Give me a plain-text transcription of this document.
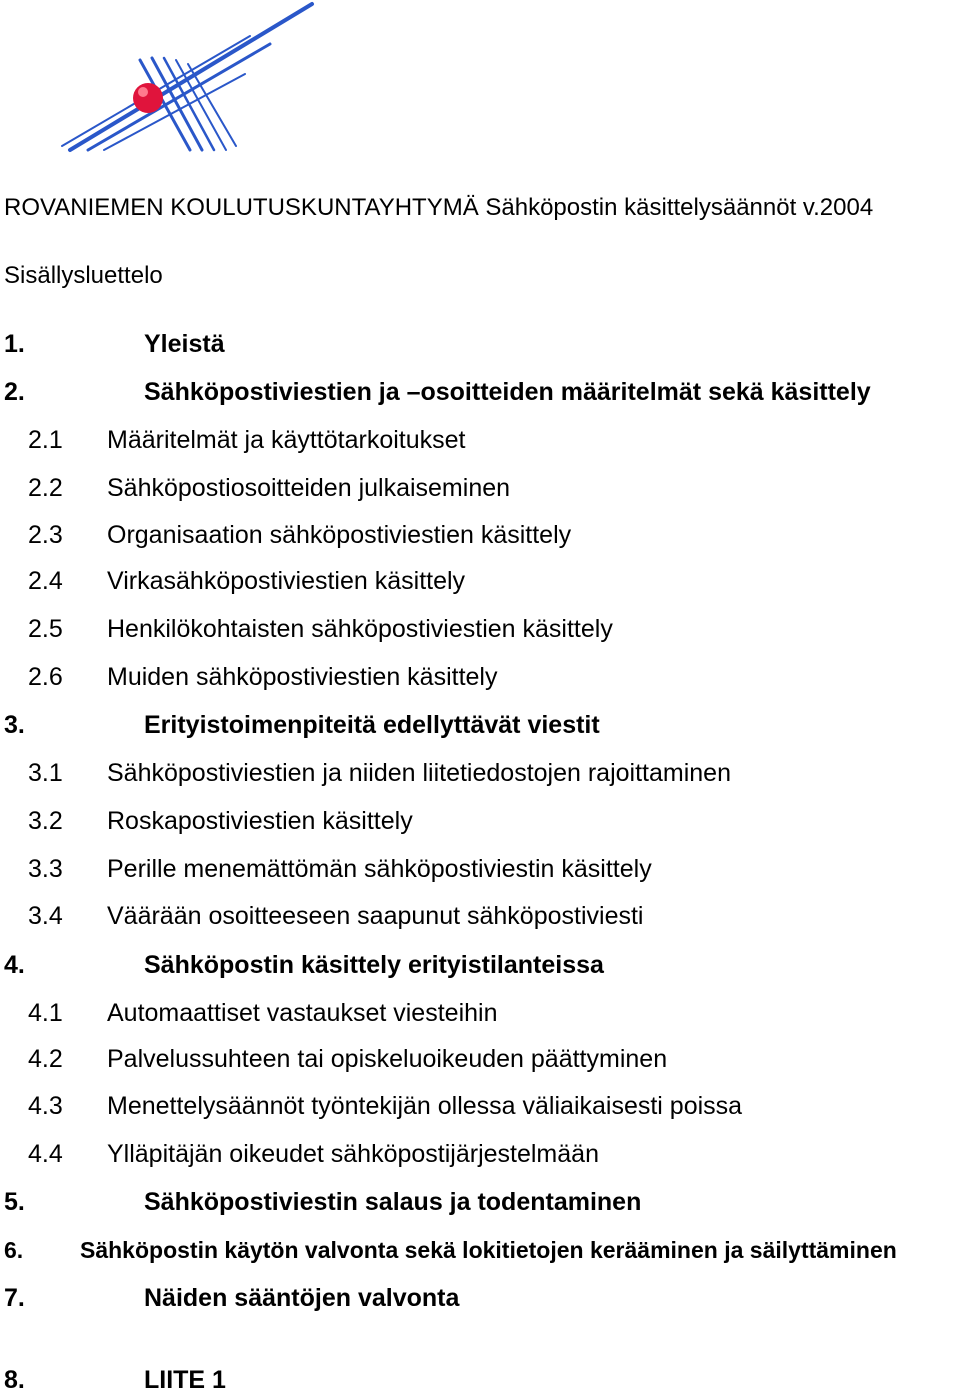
ROVANIEMEN KOULUTUSKUNTAYHTYMÄ Sähköpostin käsittelysäännöt v.2004
Sisällysluettelo
1.	Yleistä
2.	Sähköpostiviestien ja –osoitteiden määritelmät sekä käsittely
2.1 Määritelmät ja käyttötarkoitukset
2.2 Sähköpostiosoitteiden julkaiseminen
2.3 Organisaation sähköpostiviestien käsittely
2.4 Virkasähköpostiviestien käsittely
2.5 Henkilökohtaisten sähköpostiviestien käsittely
2.6 Muiden sähköpostiviestien käsittely
3.	Erityistoimenpiteitä edellyttävät viestit
3.1 Sähköpostiviestien ja niiden liitetiedostojen rajoittaminen
3.2 Roskapostiviestien käsittely
3.3 Perille menemättömän sähköpostiviestin käsittely
3.4 Väärään osoitteeseen saapunut sähköpostiviesti
4.	Sähköpostin käsittely erityistilanteissa
4.1 Automaattiset vastaukset viesteihin
4.2 Palvelussuhteen tai opiskeluoikeuden päättyminen
4.3 Menettelysäännöt työntekijän ollessa väliaikaisesti poissa
4.4 Ylläpitäjän oikeudet sähköpostijärjestelmään
5.	Sähköpostiviestin salaus ja todentaminen
6. Sähköpostin käytön valvonta sekä lokitietojen kerääminen ja säilyttäminen
7.	Näiden sääntöjen valvonta
8.	LIITE 1
